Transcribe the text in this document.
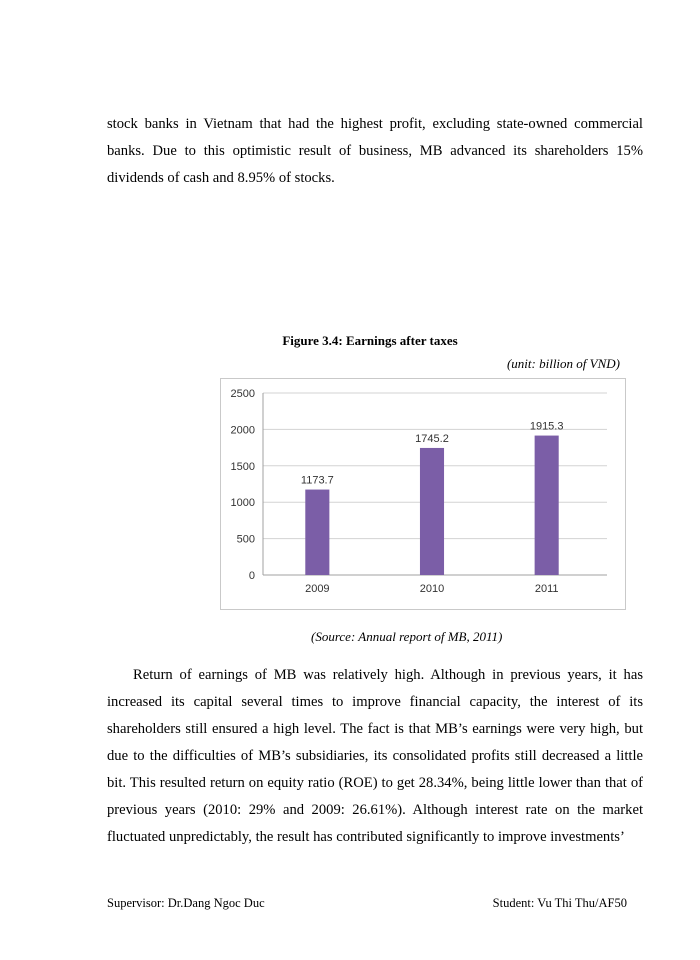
stock banks in Vietnam that had the highest profit, excluding state-owned commercial banks. Due to this optimistic result of business, MB advanced its shareholders 15% dividends of cash and 8.95% of stocks.

Figure 3.4: Earnings after taxes
(unit: billion of VND)
0
500
1000
1500
2000
2500
1173.7
2009
1745.2
2010
1915.3
2011
(Source: Annual report of MB, 2011)

Return of earnings of MB was relatively high. Although in previous years, it has increased its capital several times to improve financial capacity, the interest of its shareholders still ensured a high level. The fact is that MB’s earnings were very high, but due to the difficulties of MB’s subsidiaries, its consolidated profits still decreased a little bit. This resulted return on equity ratio (ROE) to get 28.34%, being little lower than that of previous years (2010: 29% and 2009: 26.61%). Although interest rate on the market fluctuated unpredictably, the result has contributed significantly to improve investments’

Supervisor: Dr.Dang Ngoc Duc	Student: Vu Thi Thu/AF50
